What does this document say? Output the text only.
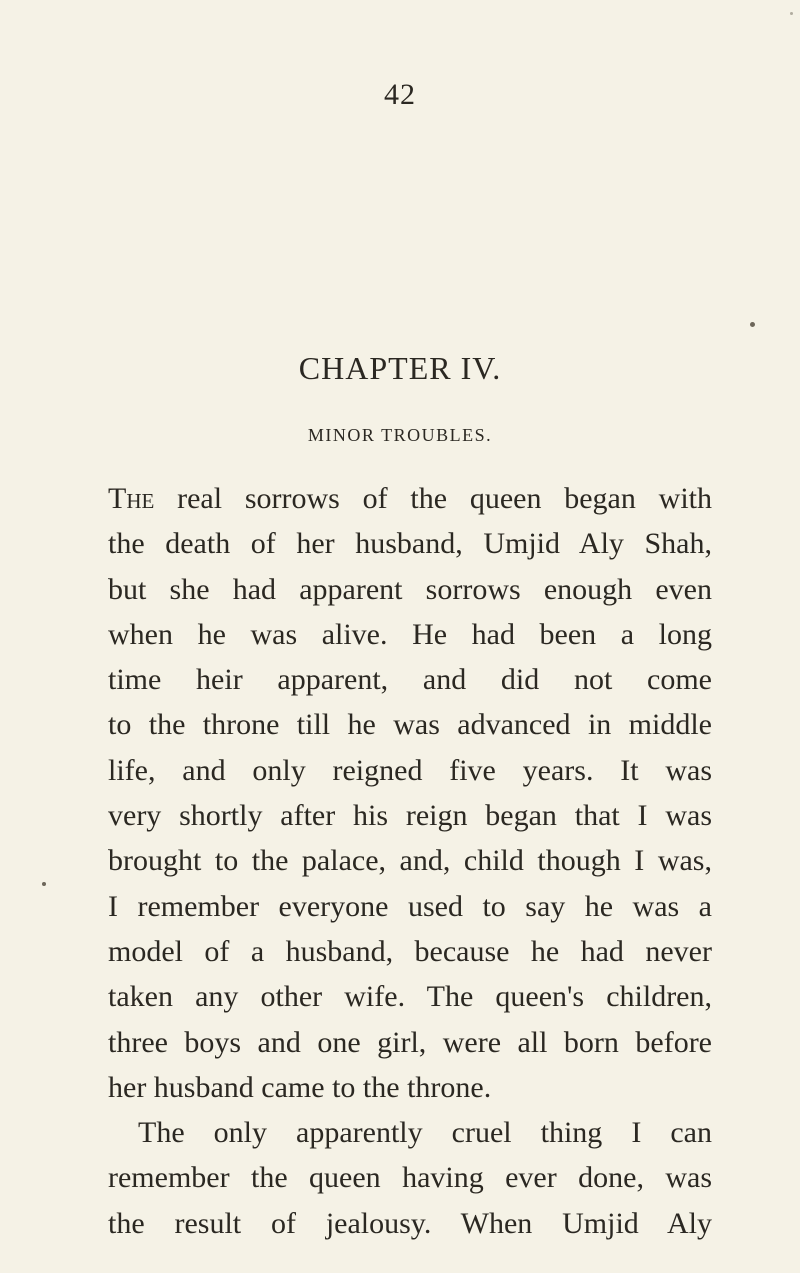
42
CHAPTER IV.
MINOR TROUBLES.
The real sorrows of the queen began with
the death of her husband, Umjid Aly Shah,
but she had apparent sorrows enough even
when he was alive. He had been a long
time heir apparent, and did not come
to the throne till he was advanced in middle
life, and only reigned five years. It was
very shortly after his reign began that I was
brought to the palace, and, child though I was,
I remember everyone used to say he was a
model of a husband, because he had never
taken any other wife. The queen's children,
three boys and one girl, were all born before
her husband came to the throne.
The only apparently cruel thing I can
remember the queen having ever done, was
the result of jealousy. When Umjid Aly
